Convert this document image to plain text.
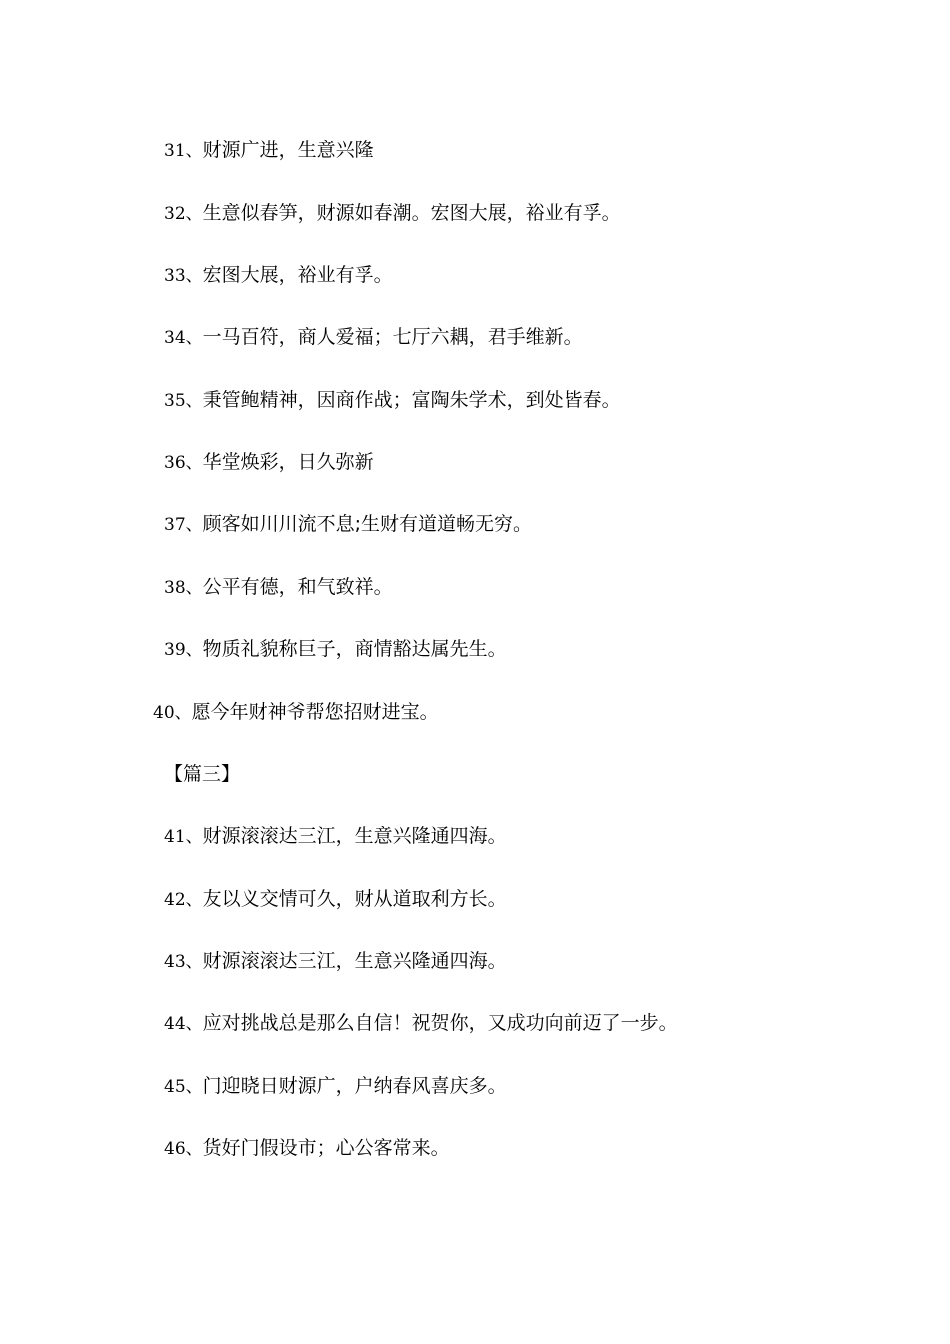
31、财源广进，生意兴隆
32、生意似春笋，财源如春潮。宏图大展，裕业有孚。
33、宏图大展，裕业有孚。
34、一马百符，商人爱福；七厅六耦，君手维新。
35、秉管鲍精神，因商作战；富陶朱学术，到处皆春。
36、华堂焕彩，日久弥新
37、顾客如川川流不息;生财有道道畅无穷。
38、公平有德，和气致祥。
39、物质礼貌称巨子，商情豁达属先生。
40、愿今年财神爷帮您招财进宝。
【篇三】
41、财源滚滚达三江，生意兴隆通四海。
42、友以义交情可久，财从道取利方长。
43、财源滚滚达三江，生意兴隆通四海。
44、应对挑战总是那么自信！祝贺你，又成功向前迈了一步。
45、门迎晓日财源广，户纳春风喜庆多。
46、货好门假设市；心公客常来。
